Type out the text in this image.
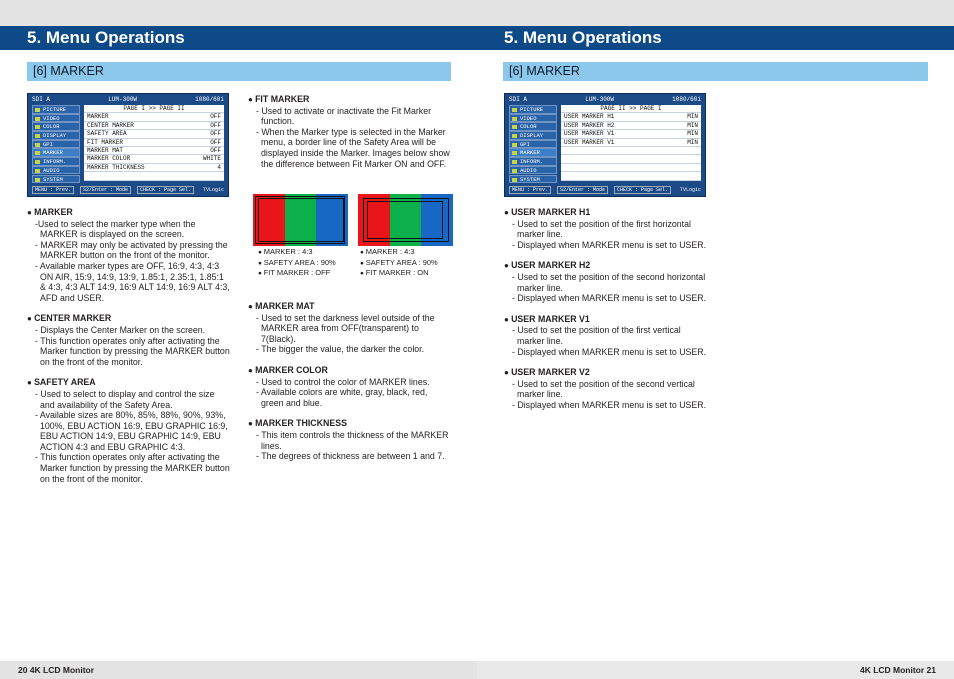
5. Menu Operations	5. Menu Operations
[6] MARKER	[6] MARKER
SDI A	LUM-300W	1080/60i
PICTURE
VIDEO
COLOR
DISPLAY
GPI
MARKER
INFORM.
AUDIO
SYSTEM
PAGE I >> PAGE II
MARKER	OFF
CENTER MARKER	OFF
SAFETY AREA	OFF
FIT MARKER	OFF
MARKER MAT	OFF
MARKER COLOR	WHITE
MARKER THICKNESS	4
MENU : Prev. S2/Enter : Mode CHECK : Page Sel.	TVLogic
SDI A	LUM-300W	1080/60i
PICTURE
VIDEO
COLOR
DISPLAY
GPI
MARKER
INFORM.
AUDIO
SYSTEM
PAGE II >> PAGE I
USER MARKER H1	MIN
USER MARKER H2	MIN
USER MARKER V1	MIN
USER MARKER V1	MIN
MENU : Prev. S2/Enter : Mode CHECK : Page Sel.	TVLogic
● MARKER
-Used to select the marker type when the MARKER is displayed on the screen.
- MARKER may only be activated by pressing the MARKER button on the front of the monitor.
- Available marker types are OFF, 16:9, 4:3, 4:3 ON AIR, 15:9, 14:9, 13:9, 1.85:1, 2.35:1, 1.85:1 & 4:3, 4:3 ALT 14:9, 16:9 ALT 14:9, 16:9 ALT 4:3, AFD and USER.
● CENTER MARKER
- Displays the Center Marker on the screen.
- This function operates only after activating the Marker function by pressing the MARKER button on the front of the monitor.
● SAFETY AREA
- Used to select to display and control the size and availability of the Safety Area.
- Available sizes are 80%, 85%, 88%, 90%, 93%, 100%, EBU ACTION 16:9, EBU GRAPHIC 16:9, EBU ACTION 14:9, EBU GRAPHIC 14:9, EBU ACTION 4:3 and EBU GRAPHIC 4:3.
- This function operates only after activating the Marker function by pressing the MARKER button on the front of the monitor.
● FIT MARKER
- Used to activate or inactivate the Fit Marker function.
- When the Marker type is selected in the Marker menu, a border line of the Safety Area will be displayed inside the Marker. Images below show the difference between Fit Marker ON and OFF.
● MARKER : 4:3
● SAFETY AREA : 90%
● FIT MARKER : OFF
● MARKER : 4:3
● SAFETY AREA : 90%
● FIT MARKER : ON
● MARKER MAT
- Used to set the darkness level outside of the MARKER area from OFF(transparent) to 7(Black).
- The bigger the value, the darker the color.
● MARKER COLOR
- Used to control the color of MARKER lines.
- Available colors are white, gray, black, red, green and blue.
● MARKER THICKNESS
- This item controls the thickness of the MARKER lines.
- The degrees of thickness are between 1 and 7.
● USER MARKER H1
- Used to set the position of the first horizontal marker line.
- Displayed when MARKER menu is set to USER.
● USER MARKER H2
- Used to set the position of the second horizontal marker line.
- Displayed when MARKER menu is set to USER.
● USER MARKER V1
- Used to set the position of the first vertical marker line.
- Displayed when MARKER menu is set to USER.
● USER MARKER V2
- Used to set the position of the second vertical marker line.
- Displayed when MARKER menu is set to USER.
20 4K LCD Monitor	4K LCD Monitor 21
